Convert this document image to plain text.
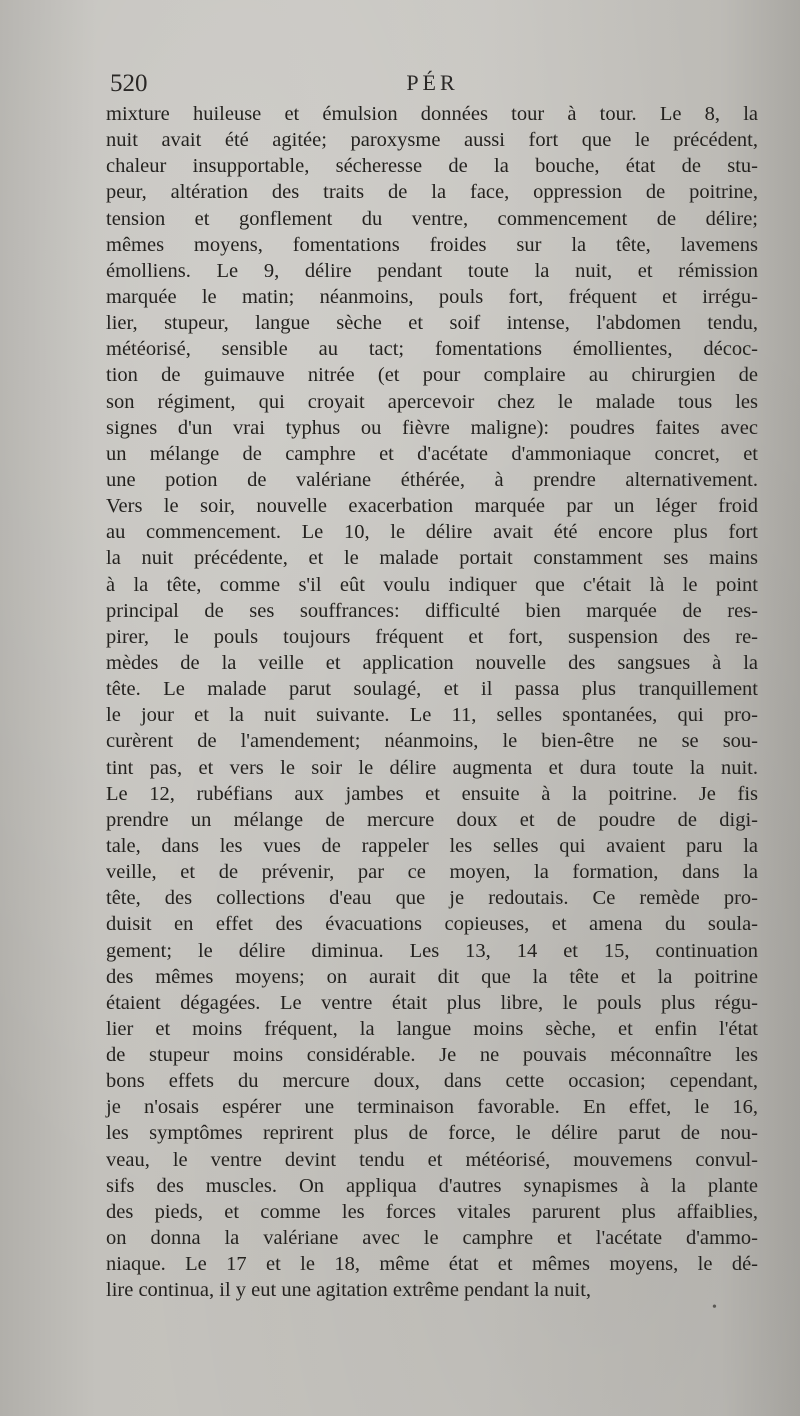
520	PÉR
mixture huileuse et émulsion données tour à tour. Le 8, la
nuit avait été agitée; paroxysme aussi fort que le précédent,
chaleur insupportable, sécheresse de la bouche, état de stu-
peur, altération des traits de la face, oppression de poitrine,
tension et gonflement du ventre, commencement de délire;
mêmes moyens, fomentations froides sur la tête, lavemens
émolliens. Le 9, délire pendant toute la nuit, et rémission
marquée le matin; néanmoins, pouls fort, fréquent et irrégu-
lier, stupeur, langue sèche et soif intense, l'abdomen tendu,
météorisé, sensible au tact; fomentations émollientes, décoc-
tion de guimauve nitrée (et pour complaire au chirurgien de
son régiment, qui croyait apercevoir chez le malade tous les
signes d'un vrai typhus ou fièvre maligne): poudres faites avec
un mélange de camphre et d'acétate d'ammoniaque concret, et
une potion de valériane éthérée, à prendre alternativement.
Vers le soir, nouvelle exacerbation marquée par un léger froid
au commencement. Le 10, le délire avait été encore plus fort
la nuit précédente, et le malade portait constamment ses mains
à la tête, comme s'il eût voulu indiquer que c'était là le point
principal de ses souffrances: difficulté bien marquée de res-
pirer, le pouls toujours fréquent et fort, suspension des re-
mèdes de la veille et application nouvelle des sangsues à la
tête. Le malade parut soulagé, et il passa plus tranquillement
le jour et la nuit suivante. Le 11, selles spontanées, qui pro-
curèrent de l'amendement; néanmoins, le bien-être ne se sou-
tint pas, et vers le soir le délire augmenta et dura toute la nuit.
Le 12, rubéfians aux jambes et ensuite à la poitrine. Je fis
prendre un mélange de mercure doux et de poudre de digi-
tale, dans les vues de rappeler les selles qui avaient paru la
veille, et de prévenir, par ce moyen, la formation, dans la
tête, des collections d'eau que je redoutais. Ce remède pro-
duisit en effet des évacuations copieuses, et amena du soula-
gement; le délire diminua. Les 13, 14 et 15, continuation
des mêmes moyens; on aurait dit que la tête et la poitrine
étaient dégagées. Le ventre était plus libre, le pouls plus régu-
lier et moins fréquent, la langue moins sèche, et enfin l'état
de stupeur moins considérable. Je ne pouvais méconnaître les
bons effets du mercure doux, dans cette occasion; cependant,
je n'osais espérer une terminaison favorable. En effet, le 16,
les symptômes reprirent plus de force, le délire parut de nou-
veau, le ventre devint tendu et météorisé, mouvemens convul-
sifs des muscles. On appliqua d'autres synapismes à la plante
des pieds, et comme les forces vitales parurent plus affaiblies,
on donna la valériane avec le camphre et l'acétate d'ammo-
niaque. Le 17 et le 18, même état et mêmes moyens, le dé-
lire continua, il y eut une agitation extrême pendant la nuit,
•
